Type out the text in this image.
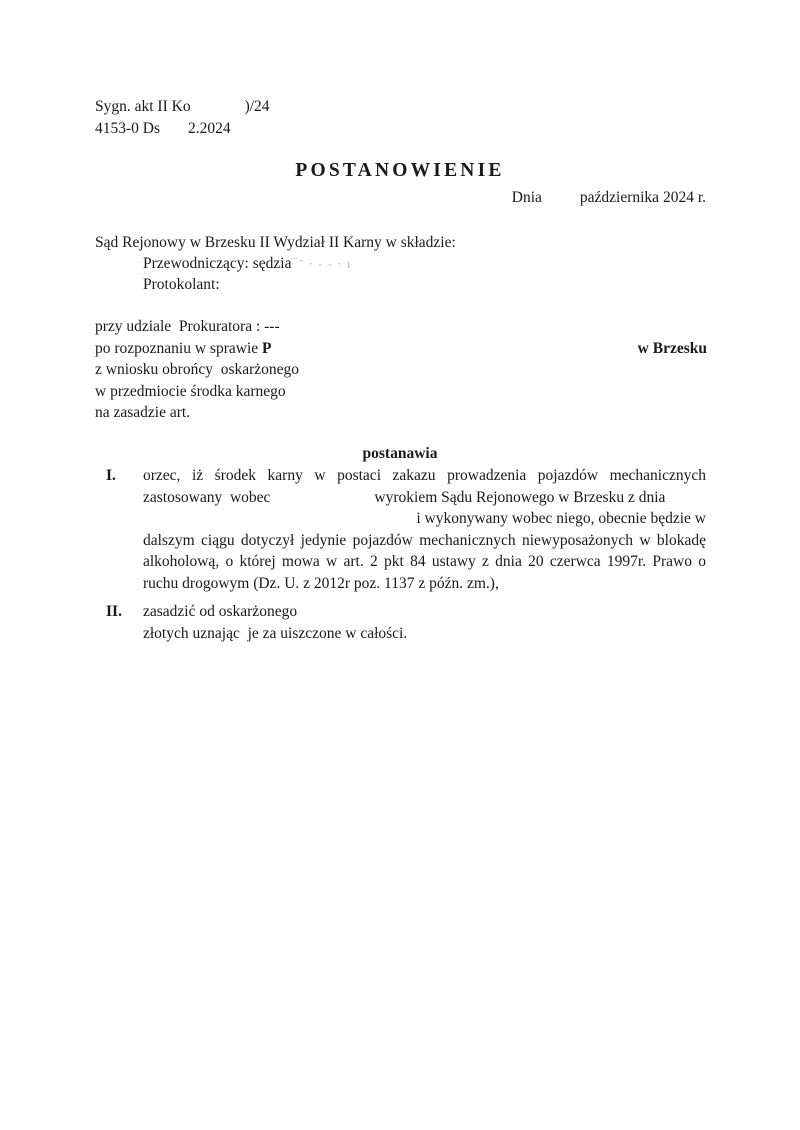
Sygn. akt II Ko	)/24
4153-0 Ds 2.2024
POSTANOWIENIE
Dnia października 2024 r.
Sąd Rejonowy w Brzesku II Wydział II Karny w składzie:
Przewodniczący: sędzia¯ˉ · - - · ı
Protokolant:
przy udziale  Prokuratora : ---
po rozpoznaniu w sprawie P	w Brzesku
z wniosku obrońcy  oskarżonego
w przedmiocie środka karnego
na zasadzie art.
postanawia
I. orzec, iż środek karny w postaci zakazu prowadzenia pojazdów mechanicznych
zastosowany  wobec	wyrokiem Sądu Rejonowego w Brzesku z dnia
i wykonywany wobec niego, obecnie będzie w
dalszym ciągu dotyczył jedynie pojazdów mechanicznych niewyposażonych w blokadę alkoholową, o której mowa w art. 2 pkt 84 ustawy z dnia 20 czerwca 1997r. Prawo o ruchu drogowym (Dz. U. z 2012r poz. 1137 z późn. zm.),
II. zasadzić od oskarżonego
złotych uznając  je za uiszczone w całości.
